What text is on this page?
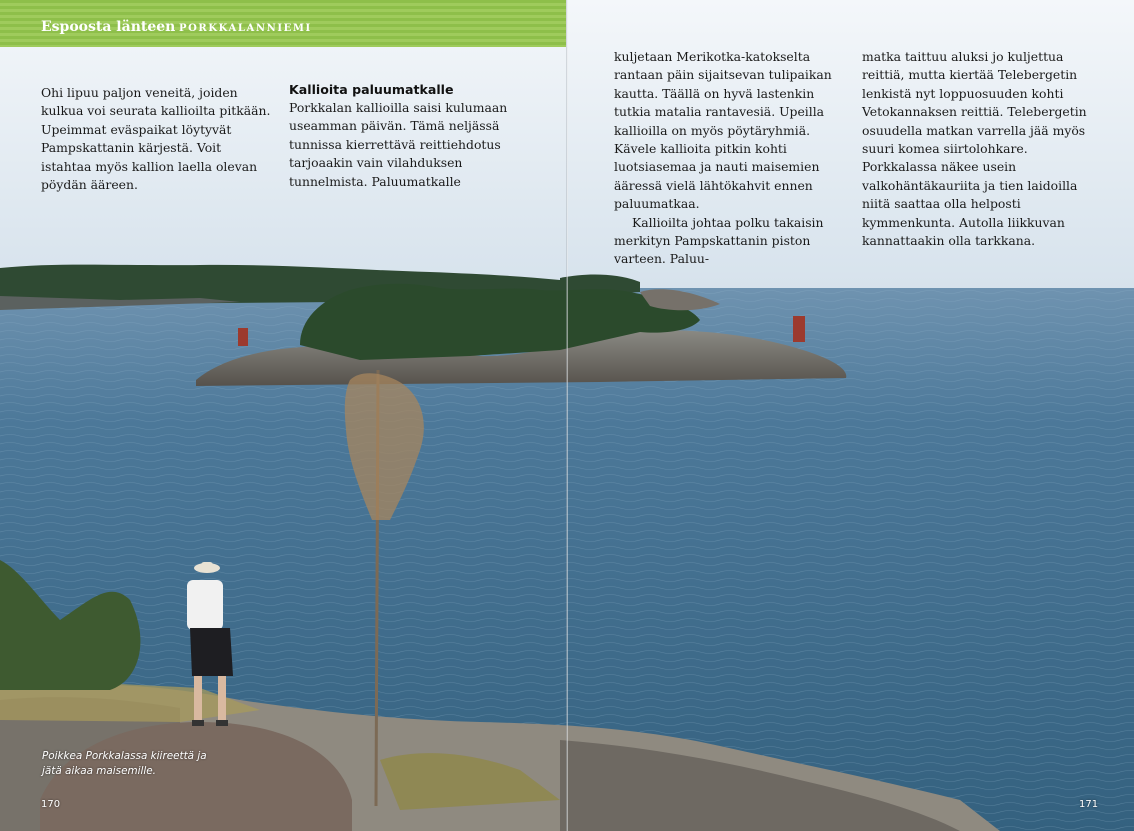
Espoosta länteen PORKKALANNIEMI

Ohi lipuu paljon veneitä, joiden kulkua voi seurata kallioilta pitkään. Upeimmat eväspaikat löytyvät Pampskattanin kärjestä. Voit istahtaa myös kallion laella olevan pöydän ääreen.

Kallioita paluumatkalle

Porkkalan kallioilla saisi kulumaan useamman päivän. Tämä neljässä tunnissa kierrettävä reittiehdotus tarjoaakin vain vilahduksen tunnelmista. Paluumatkalle

kuljetaan Merikotka-katokselta rantaan päin sijaitsevan tulipaikan kautta. Täällä on hyvä lastenkin tutkia matalia rantavesiä. Upeilla kallioilla on myös pöytäryhmiä. Kävele kallioita pitkin kohti luotsiasemaa ja nauti maisemien ääressä vielä lähtökahvit ennen paluumatkaa.

Kallioilta johtaa polku takaisin merkityn Pampskattanin piston varteen. Paluu-

matka taittuu aluksi jo kuljettua reittiä, mutta kiertää Telebergetin lenkistä nyt loppuosuuden kohti Vetokannaksen reittiä. Telebergetin osuudella matkan varrella jää myös suuri komea siirtolohkare. Porkkalassa näkee usein valkohäntäkauriita ja tien laidoilla niitä saattaa olla helposti kymmenkunta. Autolla liikkuvan kannattaakin olla tarkkana.

Poikkea Porkkalassa kiireettä ja jätä aikaa maisemille.
170	171
